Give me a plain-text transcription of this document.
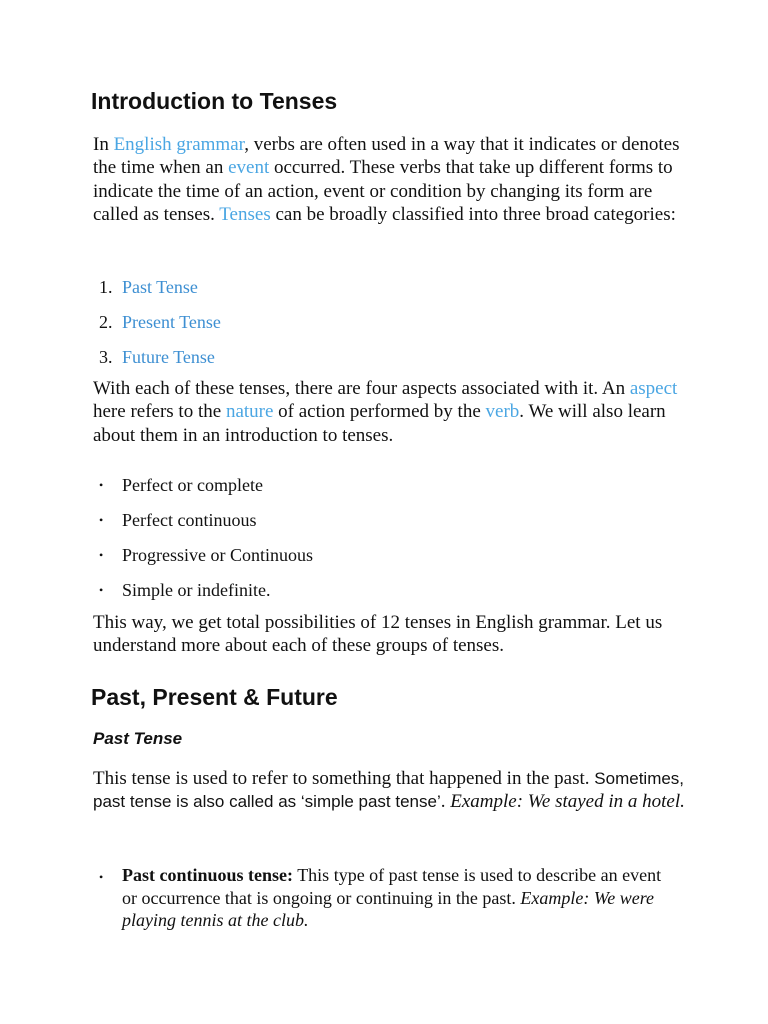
Introduction to Tenses

In English grammar, verbs are often used in a way that it indicates or denotes the time when an event occurred. These verbs that take up different forms to indicate the time of an action, event or condition by changing its form are called as tenses. Tenses can be broadly classified into three broad categories:

1. Past Tense
2. Present Tense
3. Future Tense

With each of these tenses, there are four aspects associated with it. An aspect here refers to the nature of action performed by the verb. We will also learn about them in an introduction to tenses.

• Perfect or complete
• Perfect continuous
• Progressive or Continuous
• Simple or indefinite.

This way, we get total possibilities of 12 tenses in English grammar. Let us understand more about each of these groups of tenses.

Past, Present & Future
Past Tense

This tense is used to refer to something that happened in the past. Sometimes, past tense is also called as ‘simple past tense’. Example: We stayed in a hotel.

•	Past continuous tense: This type of past tense is used to describe an event or occurrence that is ongoing or continuing in the past. Example: We were playing tennis at the club.
